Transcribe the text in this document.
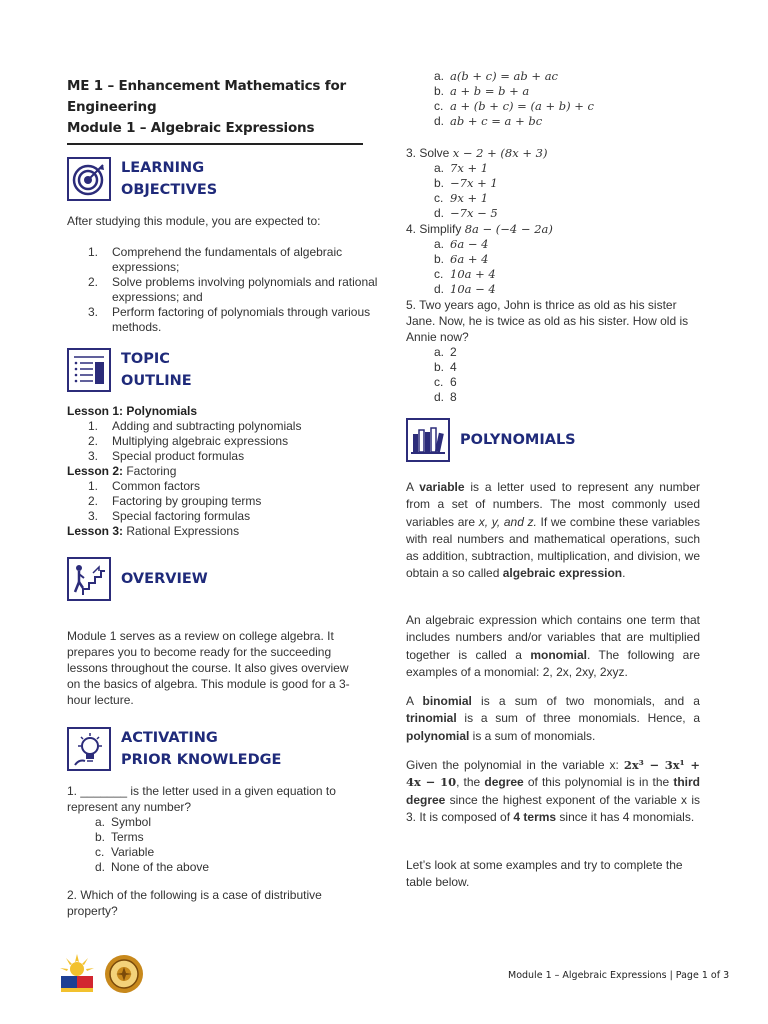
ME 1 – Enhancement Mathematics for Engineering
Module 1 – Algebraic Expressions
LEARNING
OBJECTIVES
After studying this module, you are expected to:
1. Comprehend the fundamentals of algebraic expressions;
2. Solve problems involving polynomials and rational expressions; and
3. Perform factoring of polynomials through various methods.
TOPIC
OUTLINE
Lesson 1: Polynomials
1. Adding and subtracting polynomials
2. Multiplying algebraic expressions
3. Special product formulas
Lesson 2: Factoring
1. Common factors
2. Factoring by grouping terms
3. Special factoring formulas
Lesson 3: Rational Expressions
OVERVIEW
Module 1 serves as a review on college algebra. It prepares you to become ready for the succeeding lessons throughout the course. It also gives overview on the basics of algebra. This module is good for a 3-hour lecture.
ACTIVATING
PRIOR KNOWLEDGE
1. _______ is the letter used in a given equation to represent any number?
a. Symbol
b. Terms
c. Variable
d. None of the above
2. Which of the following is a case of distributive property?
a. a(b + c) = ab + ac
b. a + b = b + a
c. a + (b + c) = (a + b) + c
d. ab + c = a + bc
3. Solve x − 2 + (8x + 3)
a. 7x + 1
b. −7x + 1
c. 9x + 1
d. −7x − 5
4. Simplify 8a − (−4 − 2a)
a. 6a − 4
b. 6a + 4
c. 10a + 4
d. 10a − 4
5. Two years ago, John is thrice as old as his sister Jane. Now, he is twice as old as his sister. How old is Annie now?
a. 2
b. 4
c. 6
d. 8
POLYNOMIALS
A variable is a letter used to represent any number from a set of numbers. The most commonly used variables are x, y, and z. If we combine these variables with real numbers and mathematical operations, such as addition, subtraction, multiplication, and division, we obtain a so called algebraic expression.
An algebraic expression which contains one term that includes numbers and/or variables that are multiplied together is called a monomial. The following are examples of a monomial: 2, 2x, 2xy, 2xyz.
A binomial is a sum of two monomials, and a trinomial is a sum of three monomials. Hence, a polynomial is a sum of monomials.
Given the polynomial in the variable x: 2x³ − 3x¹ + 4x − 10, the degree of this polynomial is in the third degree since the highest exponent of the variable x is 3. It is composed of 4 terms since it has 4 monomials.
Let’s look at some examples and try to complete the table below.
Module 1 – Algebraic Expressions | Page 1 of 3
